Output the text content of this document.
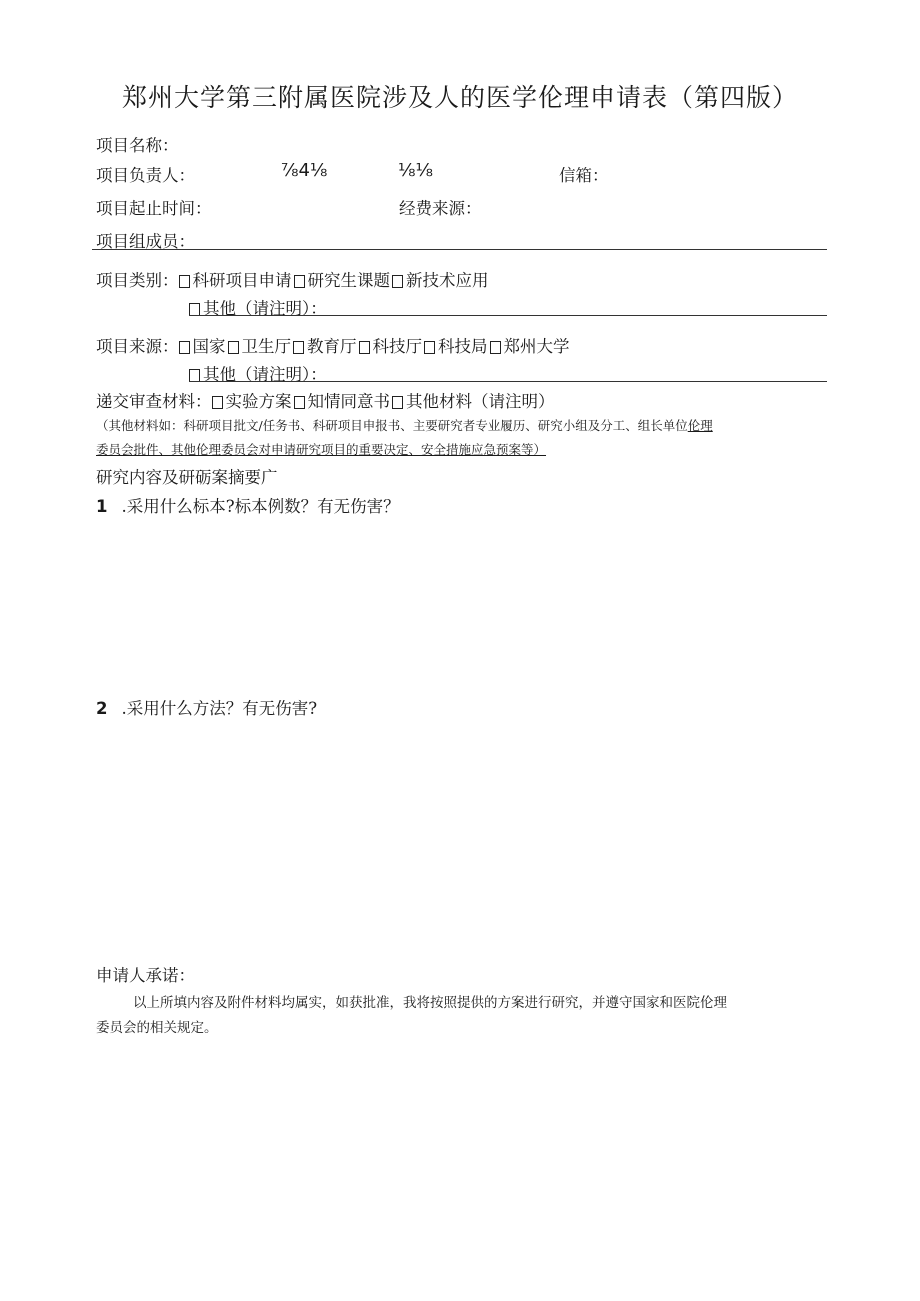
郑州大学第三附属医院涉及人的医学伦理申请表（第四版）
项目名称：
项目负责人：	⅞4⅛	⅛⅛	信箱：
项目起止时间：	经费来源：
项目组成员：
项目类别： 科研项目申请 研究生课题 新技术应用
其他（请注明）：
项目来源： 国家 卫生厅 教育厅 科技厅 科技局 郑州大学
其他（请注明）：
递交审查材料： 实验方案 知情同意书 其他材料（请注明）
（其他材料如：科研项目批文/任务书、科研项目申报书、主要研究者专业履历、研究小组及分工、组长单位伦理
委员会批件、其他伦理委员会对申请研究项目的重要决定、安全措施应急预案等）
研究内容及研砺案摘要广
1 .采用什么标本?标本例数？有无伤害？
2 .采用什么方法？有无伤害?
申请人承诺：
以上所填内容及附件材料均属实，如获批准，我将按照提供的方案进行研究，并遵守国家和医院伦理
委员会的相关规定。
